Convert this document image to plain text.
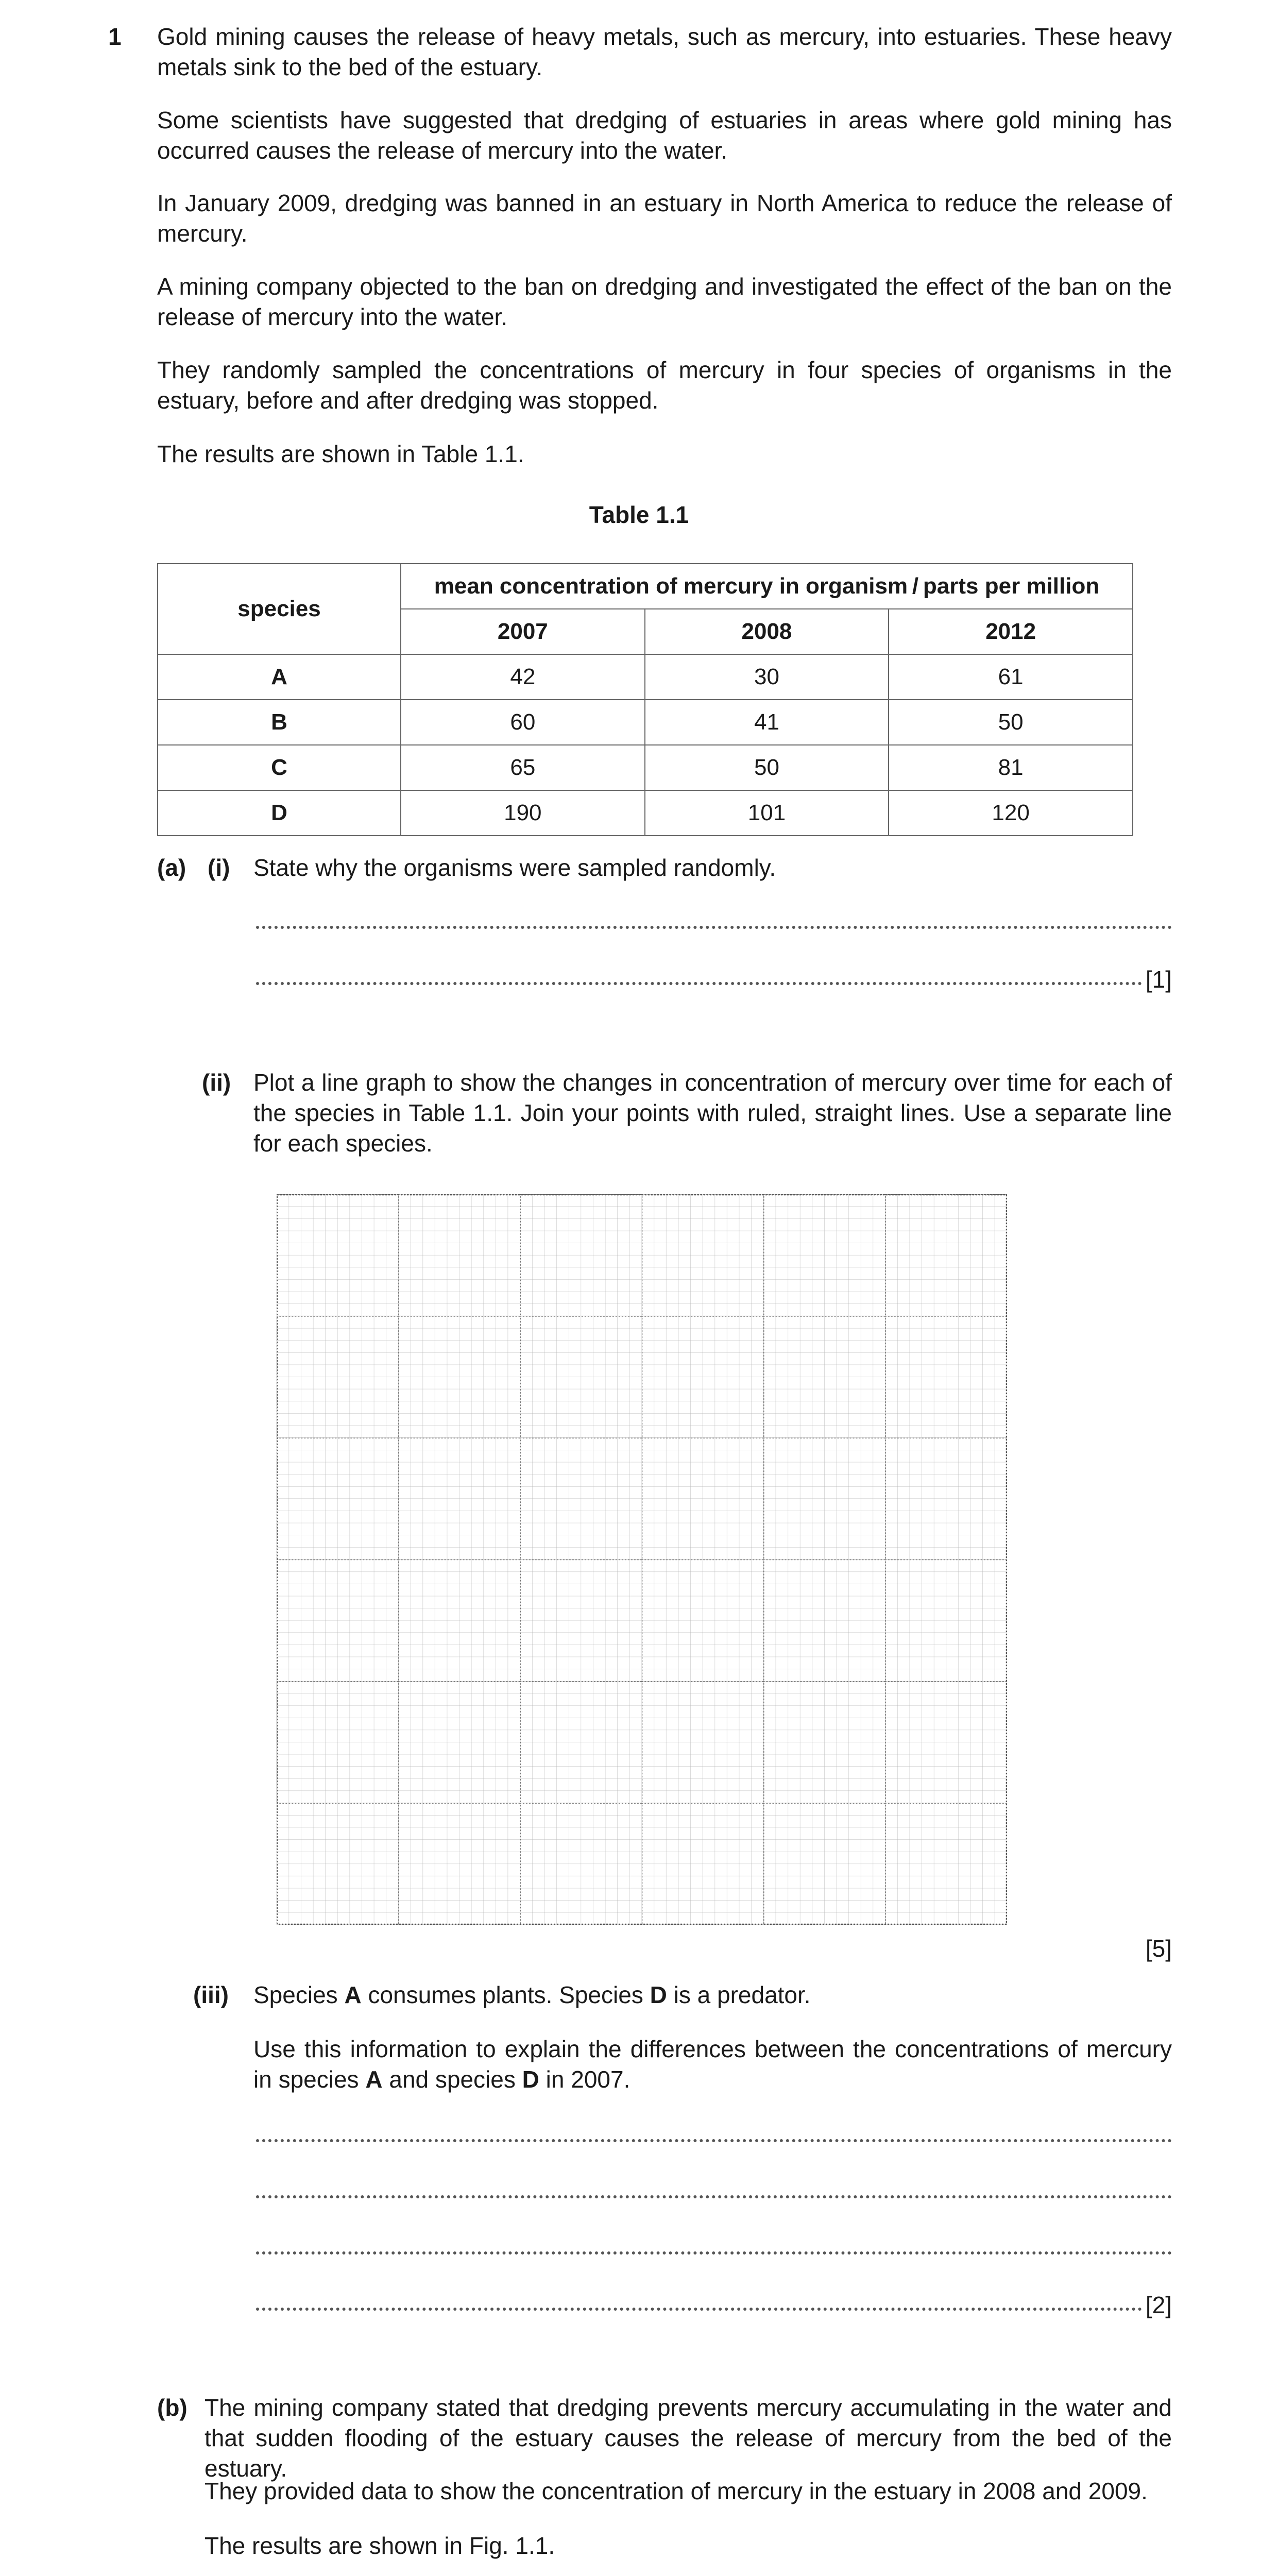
1 Gold mining causes the release of heavy metals, such as mercury, into estuaries. These heavy metals sink to the bed of the estuary.
Some scientists have suggested that dredging of estuaries in areas where gold mining has occurred causes the release of mercury into the water.
In January 2009, dredging was banned in an estuary in North America to reduce the release of mercury.
A mining company objected to the ban on dredging and investigated the effect of the ban on the release of mercury into the water.
They randomly sampled the concentrations of mercury in four species of organisms in the estuary, before and after dredging was stopped.
The results are shown in Table 1.1.
Table 1.1
species	mean concentration of mercury in organism / parts per million		
	2007	2008	2012
A	42	30	61
B	60	41	50
C	65	50	81
D	190	101	120
(a) (i) State why the organisms were sampled randomly.
[1]
(ii) Plot a line graph to show the changes in concentration of mercury over time for each of the species in Table 1.1. Join your points with ruled, straight lines. Use a separate line for each species.
[5]
(iii) Species A consumes plants. Species D is a predator.
Use this information to explain the differences between the concentrations of mercury in species A and species D in 2007.
[2]
(b) The mining company stated that dredging prevents mercury accumulating in the water and that sudden flooding of the estuary causes the release of mercury from the bed of the estuary.
They provided data to show the concentration of mercury in the estuary in 2008 and 2009.
The results are shown in Fig. 1.1.
